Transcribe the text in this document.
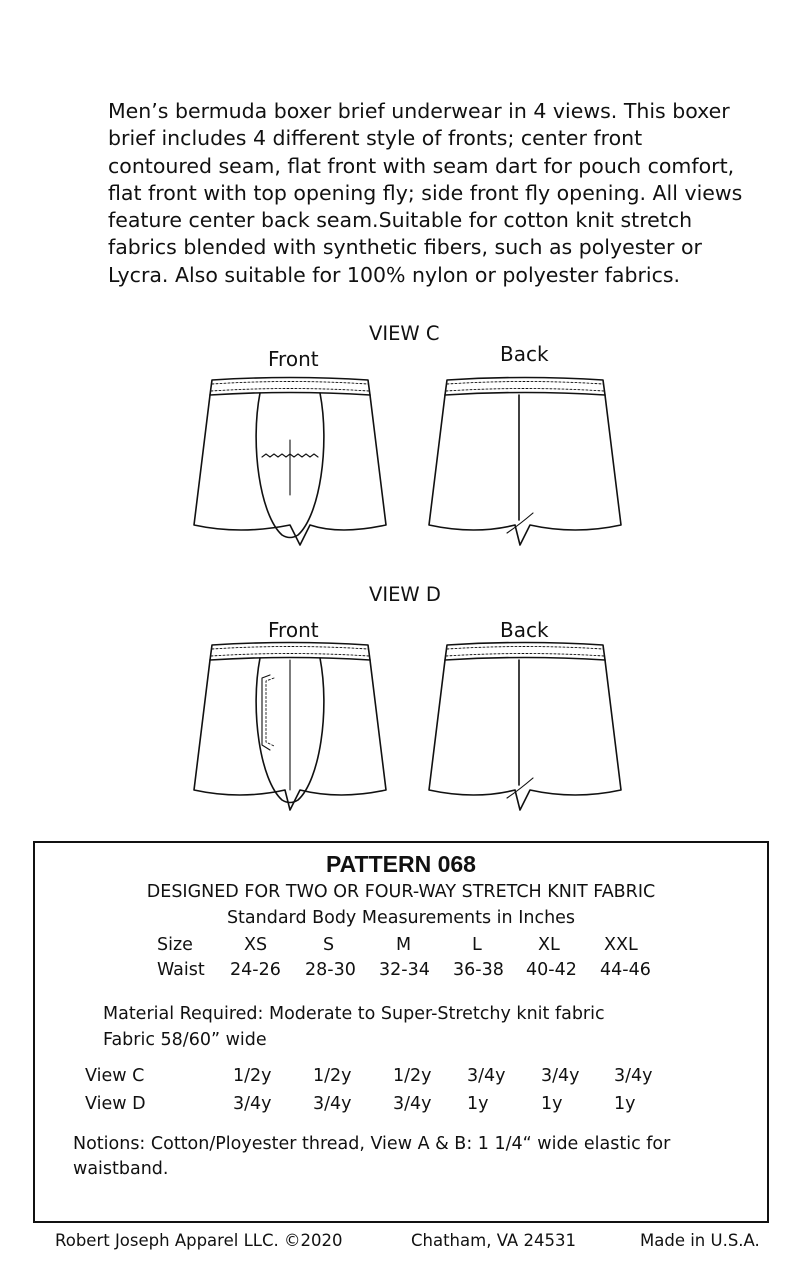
Men’s bermuda boxer brief underwear in 4 views. This boxer brief includes 4 different style of fronts; center front contoured seam, flat front with seam dart for pouch comfort, flat front with top opening fly; side front fly opening. All views feature center back seam.Suitable for cotton knit stretch fabrics blended with synthetic fibers, such as polyester or Lycra. Also suitable for 100% nylon or polyester fabrics.

VIEW C
Front	Back
VIEW D
Front	Back
PATTERN 068
DESIGNED FOR TWO OR FOUR-WAY STRETCH KNIT FABRIC
Standard Body Measurements in Inches
Size	XS	S	M	L	XL	XXL
Waist 24-26 28-30 32-34 36-38 40-42 44-46
Material Required: Moderate to Super-Stretchy knit fabric
Fabric 58/60” wide
View C	1/2y 1/2y 1/2y 3/4y 3/4y 3/4y
View D	3/4y 3/4y 3/4y 1y	1y	1y
Notions: Cotton/Ployester thread, View A & B: 1 1/4“ wide elastic for
waistband.
Robert Joseph Apparel LLC. ©2020	Chatham, VA 24531	Made in U.S.A.
